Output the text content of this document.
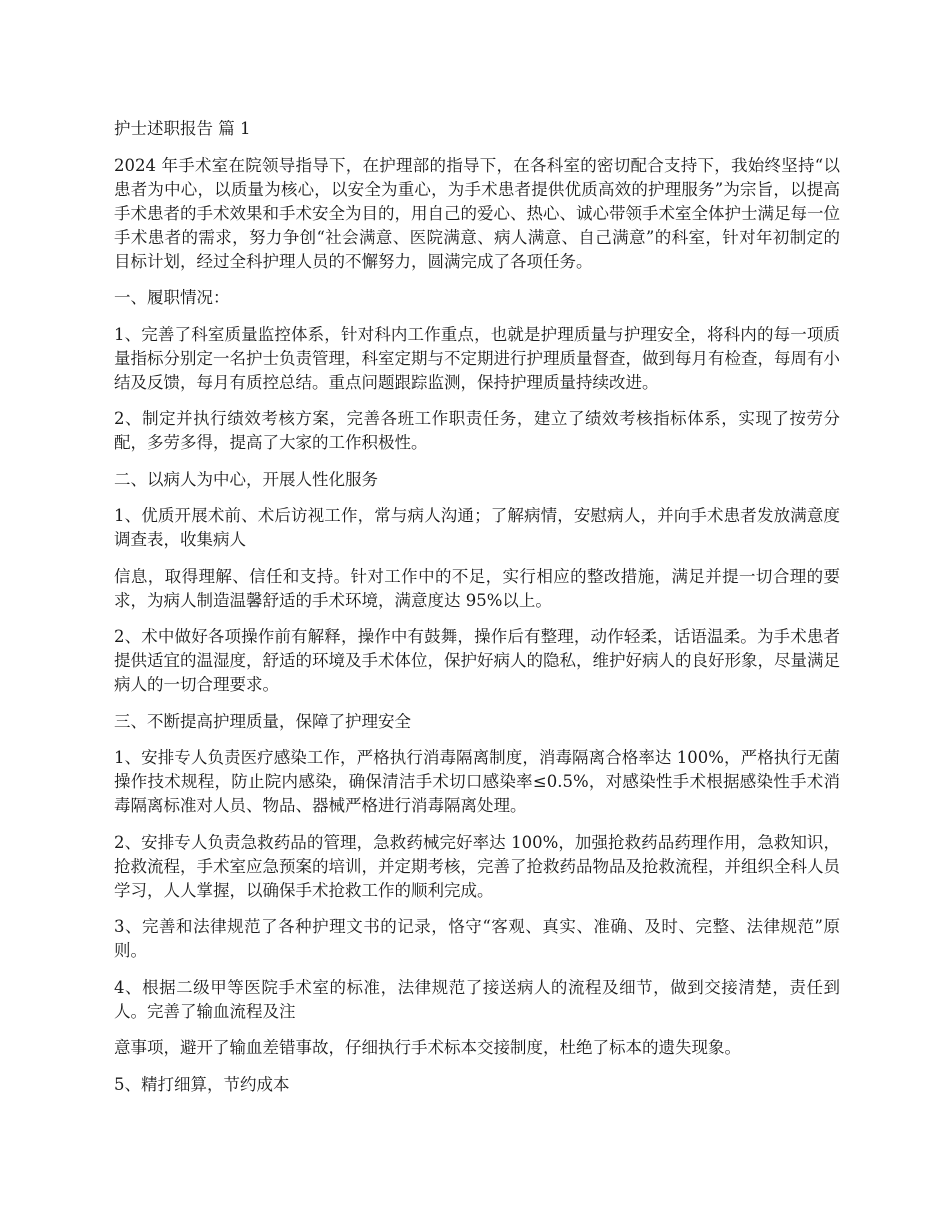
护士述职报告 篇 1

2024 年手术室在院领导指导下，在护理部的指导下，在各科室的密切配合支持下，我始终坚持“以患者为中心，以质量为核心，以安全为重心，为手术患者提供优质高效的护理服务”为宗旨，以提高手术患者的手术效果和手术安全为目的，用自己的爱心、热心、诚心带领手术室全体护士满足每一位手术患者的需求，努力争创“社会满意、医院满意、病人满意、自己满意”的科室，针对年初制定的目标计划，经过全科护理人员的不懈努力，圆满完成了各项任务。

一、履职情况：

1、完善了科室质量监控体系，针对科内工作重点，也就是护理质量与护理安全，将科内的每一项质量指标分别定一名护士负责管理，科室定期与不定期进行护理质量督查，做到每月有检查，每周有小结及反馈，每月有质控总结。重点问题跟踪监测，保持护理质量持续改进。

2、制定并执行绩效考核方案，完善各班工作职责任务，建立了绩效考核指标体系，实现了按劳分配，多劳多得，提高了大家的工作积极性。

二、以病人为中心，开展人性化服务

1、优质开展术前、术后访视工作，常与病人沟通；了解病情，安慰病人，并向手术患者发放满意度调查表，收集病人

信息，取得理解、信任和支持。针对工作中的不足，实行相应的整改措施，满足并提一切合理的要求，为病人制造温馨舒适的手术环境，满意度达 95%以上。

2、术中做好各项操作前有解释，操作中有鼓舞，操作后有整理，动作轻柔，话语温柔。为手术患者提供适宜的温湿度，舒适的环境及手术体位，保护好病人的隐私，维护好病人的良好形象，尽量满足病人的一切合理要求。

三、不断提高护理质量，保障了护理安全

1、安排专人负责医疗感染工作，严格执行消毒隔离制度，消毒隔离合格率达 100%，严格执行无菌操作技术规程，防止院内感染，确保清洁手术切口感染率≤0.5%，对感染性手术根据感染性手术消毒隔离标准对人员、物品、器械严格进行消毒隔离处理。

2、安排专人负责急救药品的管理，急救药械完好率达 100%，加强抢救药品药理作用，急救知识，抢救流程，手术室应急预案的培训，并定期考核，完善了抢救药品物品及抢救流程，并组织全科人员学习，人人掌握，以确保手术抢救工作的顺利完成。

3、完善和法律规范了各种护理文书的记录，恪守“客观、真实、准确、及时、完整、法律规范”原则。

4、根据二级甲等医院手术室的标准，法律规范了接送病人的流程及细节，做到交接清楚，责任到人。完善了输血流程及注

意事项，避开了输血差错事故，仔细执行手术标本交接制度，杜绝了标本的遗失现象。

5、精打细算，节约成本
